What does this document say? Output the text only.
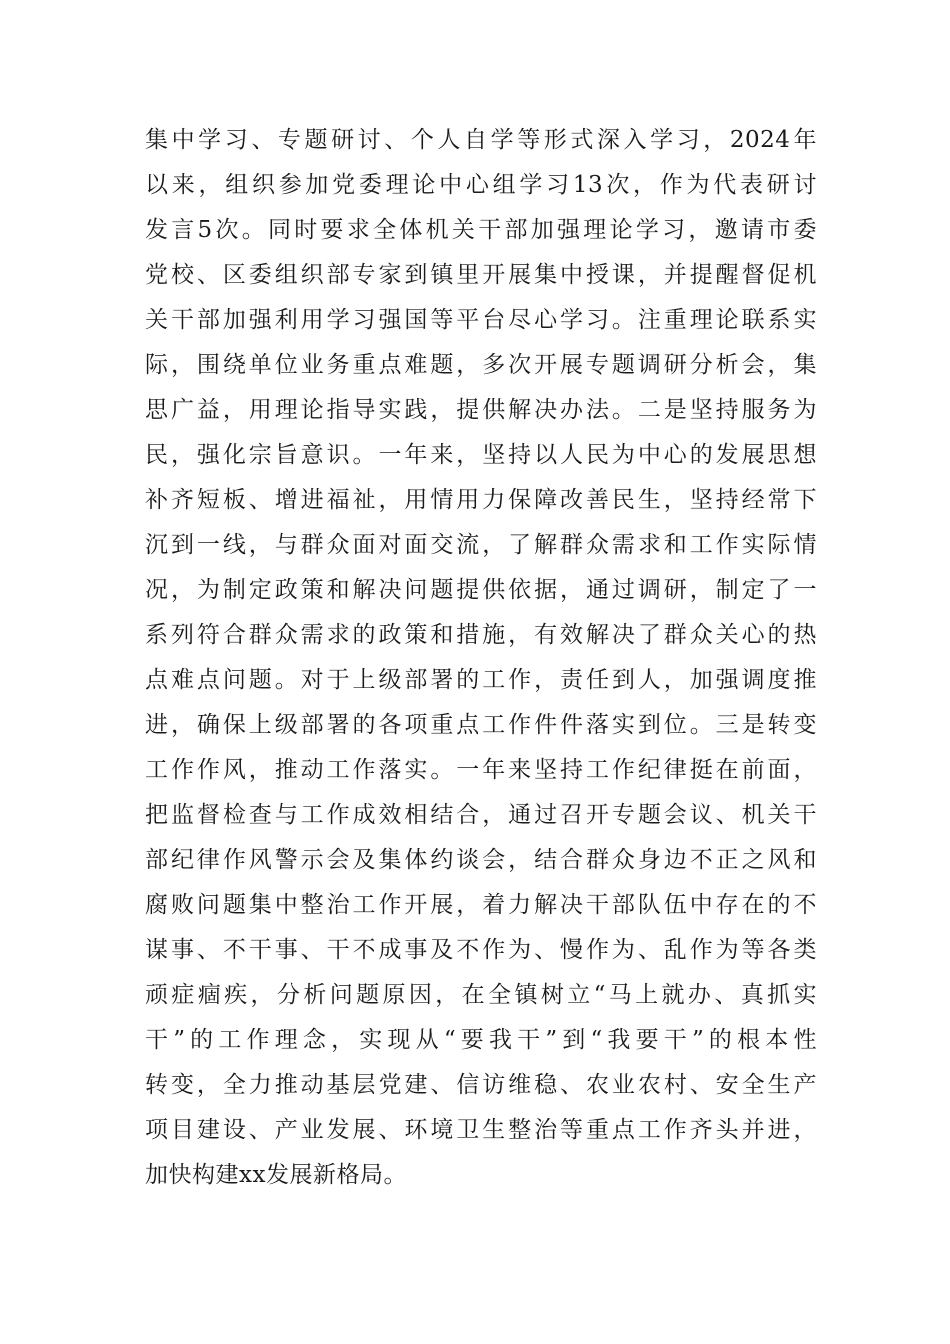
集中学习、专题研讨、个人自学等形式深入学习，2024年
以来，组织参加党委理论中心组学习13次，作为代表研讨
发言5次。同时要求全体机关干部加强理论学习，邀请市委
党校、区委组织部专家到镇里开展集中授课，并提醒督促机
关干部加强利用学习强国等平台尽心学习。注重理论联系实
际，围绕单位业务重点难题，多次开展专题调研分析会，集
思广益，用理论指导实践，提供解决办法。二是坚持服务为
民，强化宗旨意识。一年来，坚持以人民为中心的发展思想
补齐短板、增进福祉，用情用力保障改善民生，坚持经常下
沉到一线，与群众面对面交流，了解群众需求和工作实际情
况，为制定政策和解决问题提供依据，通过调研，制定了一
系列符合群众需求的政策和措施，有效解决了群众关心的热
点难点问题。对于上级部署的工作，责任到人，加强调度推
进，确保上级部署的各项重点工作件件落实到位。三是转变
工作作风，推动工作落实。一年来坚持工作纪律挺在前面，
把监督检查与工作成效相结合，通过召开专题会议、机关干
部纪律作风警示会及集体约谈会，结合群众身边不正之风和
腐败问题集中整治工作开展，着力解决干部队伍中存在的不
谋事、不干事、干不成事及不作为、慢作为、乱作为等各类
顽症痼疾，分析问题原因，在全镇树立“马上就办、真抓实
干”的工作理念，实现从“要我干”到“我要干”的根本性
转变，全力推动基层党建、信访维稳、农业农村、安全生产
项目建设、产业发展、环境卫生整治等重点工作齐头并进，
加快构建xx发展新格局。
